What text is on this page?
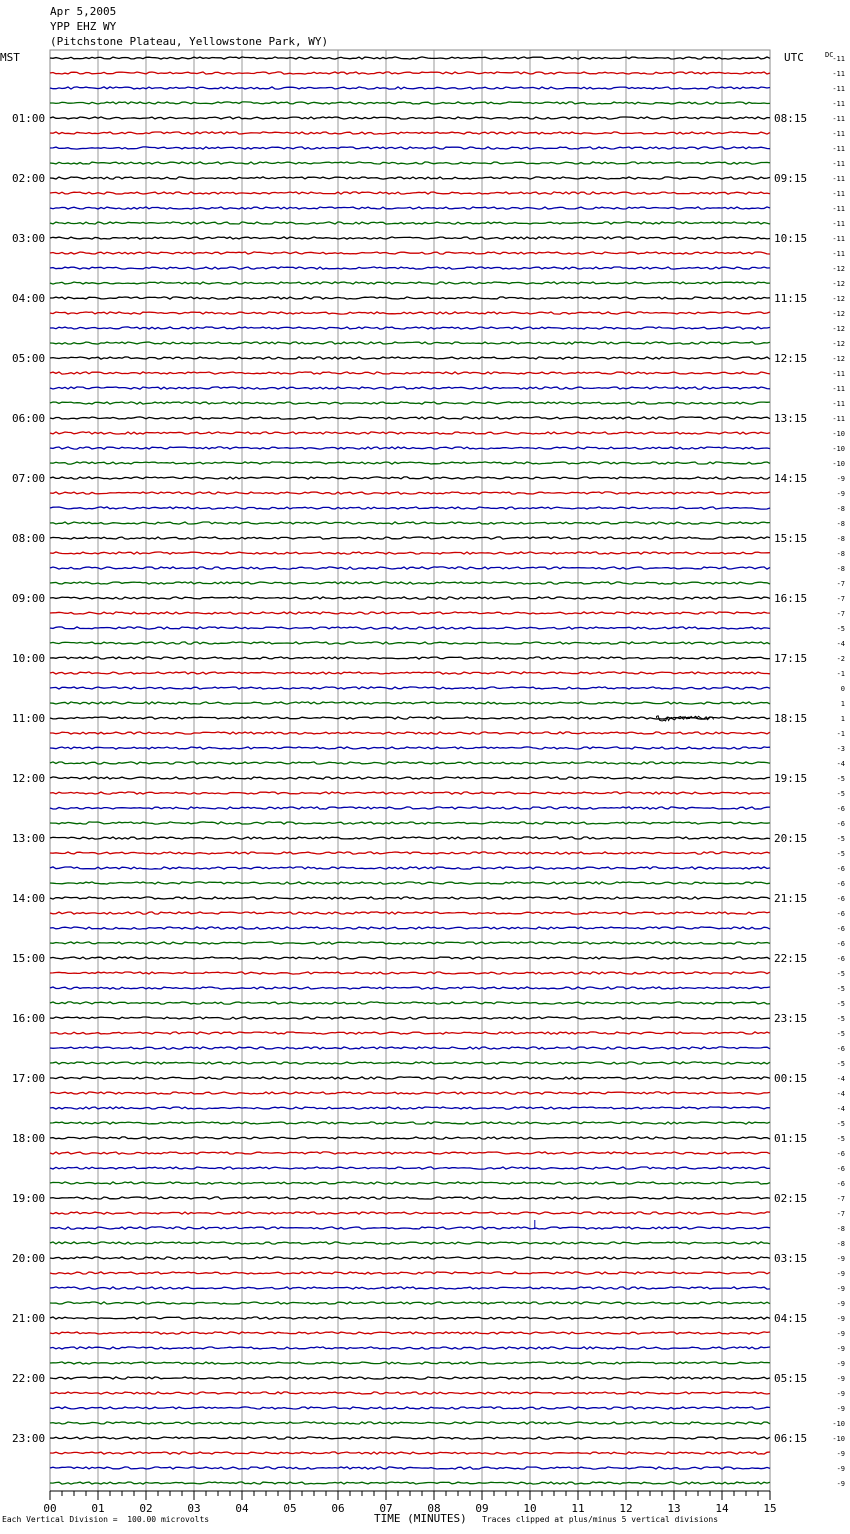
Apr 5,2005
YPP EHZ WY
(Pitchstone Plateau, Yellowstone Park, WY)
MST	UTC	DC
01:00	08:15
02:00	09:15
03:00	10:15
04:00	11:15
05:00	12:15
06:00	13:15
07:00	14:15
08:00	15:15
09:00	16:15
10:00	17:15
11:00	18:15
12:00	19:15
13:00	20:15
14:00	21:15
15:00	22:15
16:00	23:15
17:00	00:15
18:00	01:15
19:00	02:15
20:00	03:15
21:00	04:15
22:00	05:15
23:00	06:15
-11
-11
-11
-11
-11
-11
-11
-11
-11
-11
-11
-11
-11
-11
-12
-12
-12
-12
-12
-12
-12
-11
-11
-11
-11
-10
-10
-10
-9
-9
-8
-8
-8
-8
-8
-7
-7
-7
-5
-4
-2
-1
0
1
1
-1
-3
-4
-5
-5
-6
-6
-5
-5
-6
-6
-6
-6
-6
-6
-6
-5
-5
-5
-5
-5
-6
-5
-4
-4
-4
-5
-5
-6
-6
-6
-7
-7
-8
-8
-9
-9
-9
-9
-9
-9
-9
-9
-9
-9
-9
-10
-10
-9
-9
-9
00	01	02	03	04	05	06	07	08	09	10	11	12	13	14	15
Each Vertical Division =  100.00 microvolts	TIME (MINUTES) Traces clipped at plus/minus 5 vertical divisions
